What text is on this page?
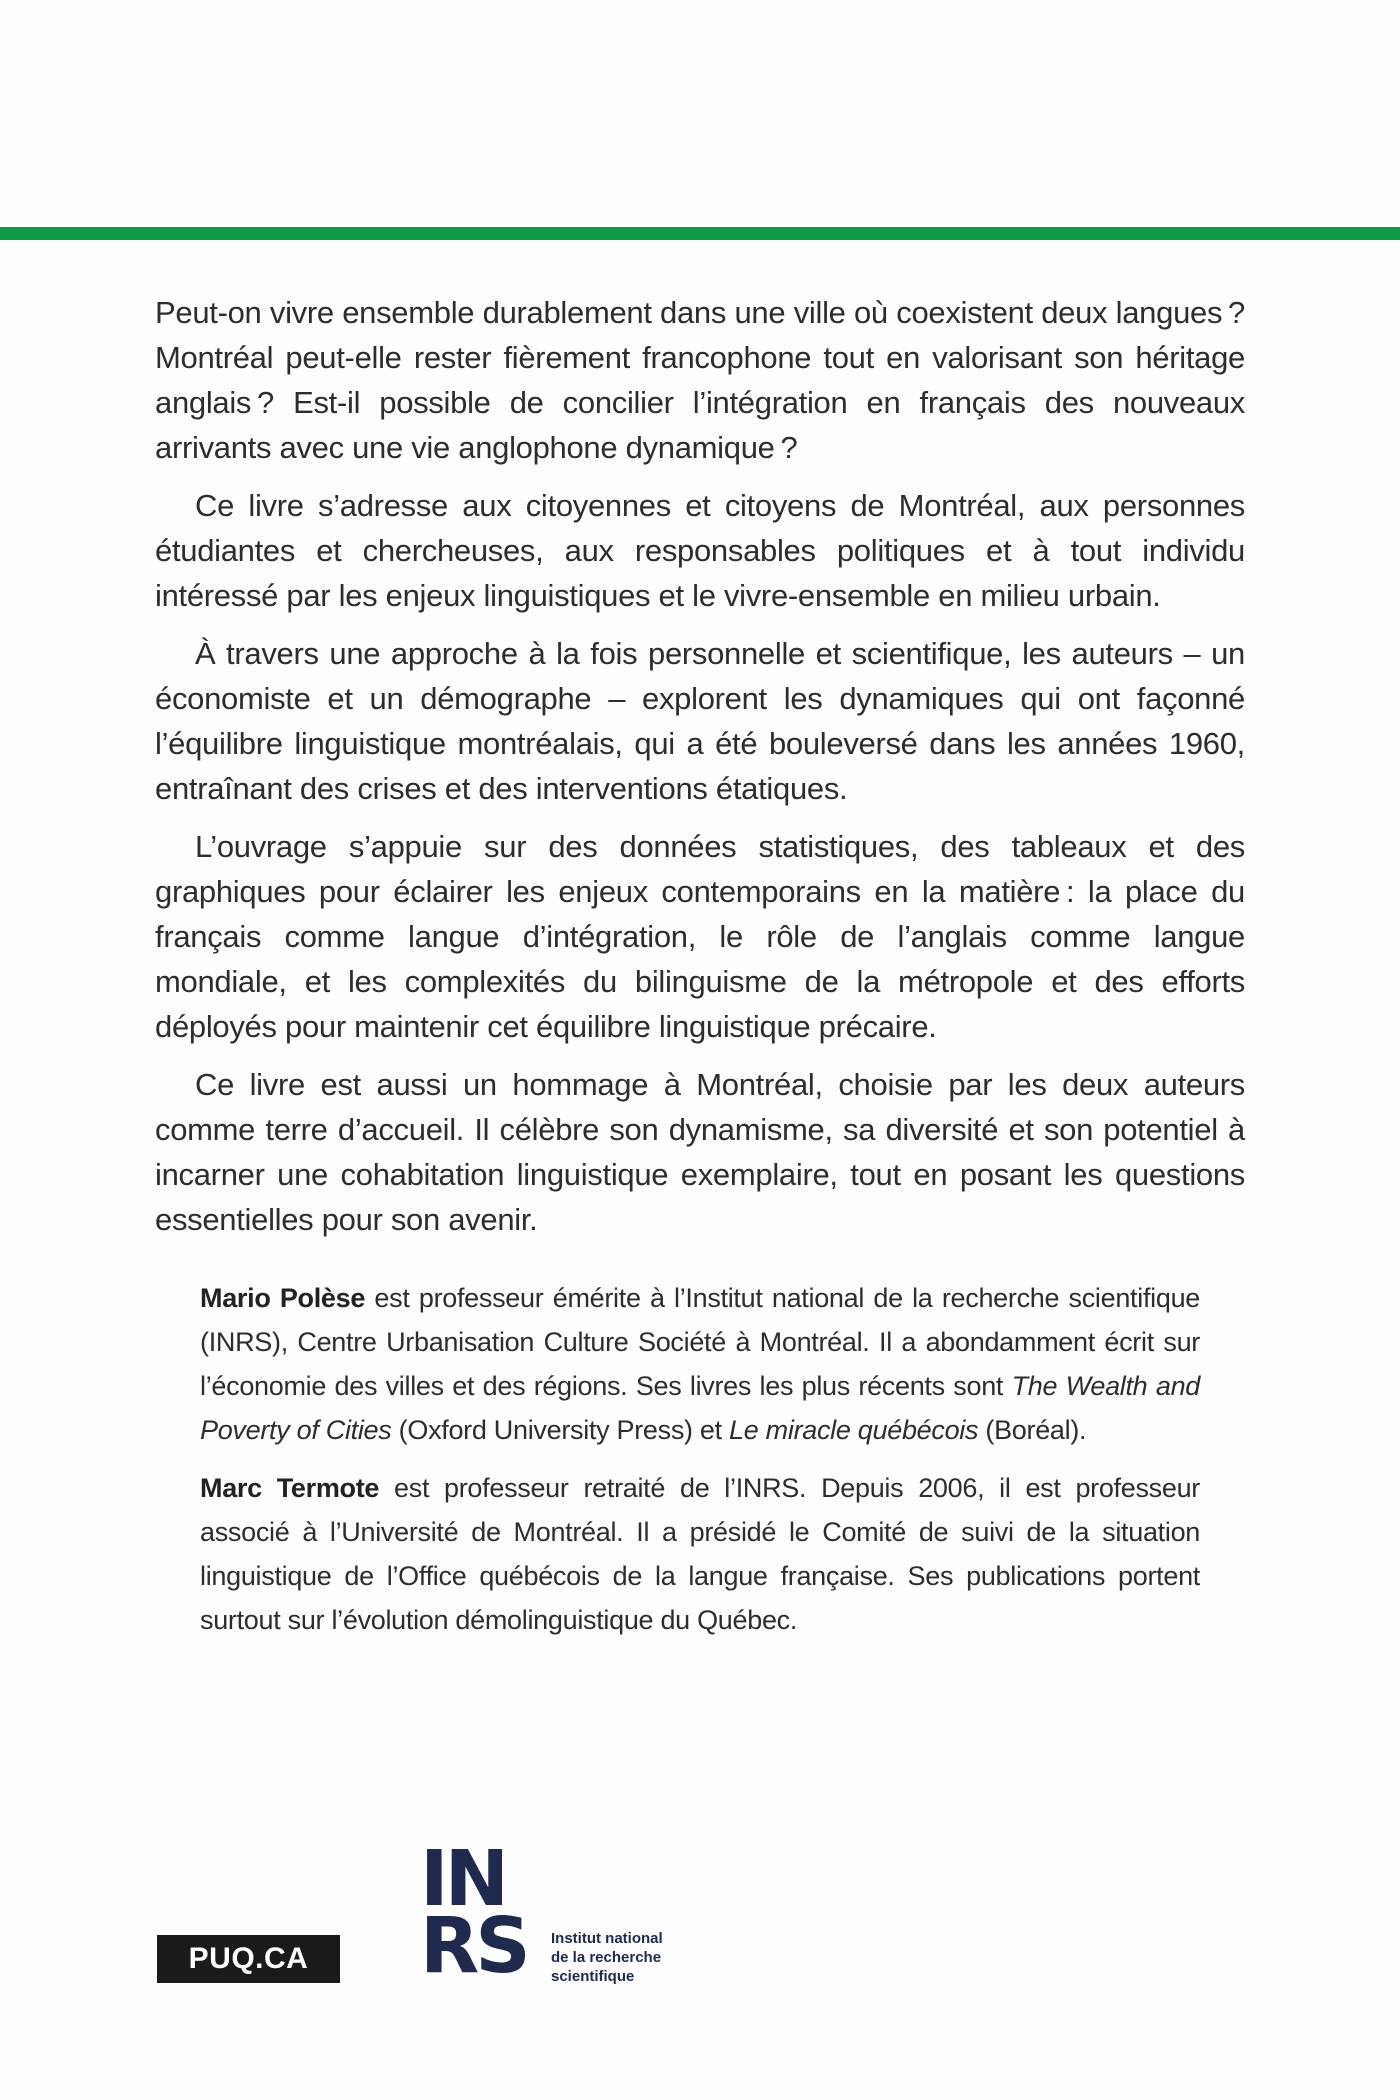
Peut-on vivre ensemble durablement dans une ville où coexistent deux langues ? Montréal peut-elle rester fièrement francophone tout en valorisant son héritage anglais ? Est-il possible de concilier l’intégration en français des nouveaux arrivants avec une vie anglophone dynamique ?

Ce livre s’adresse aux citoyennes et citoyens de Montréal, aux personnes étudiantes et chercheuses, aux responsables politiques et à tout individu intéressé par les enjeux linguistiques et le vivre-ensemble en milieu urbain.

À travers une approche à la fois personnelle et scientifique, les auteurs – un économiste et un démographe – explorent les dynamiques qui ont façonné l’équilibre linguistique montréalais, qui a été bouleversé dans les années 1960, entraînant des crises et des interventions étatiques.

L’ouvrage s’appuie sur des données statistiques, des tableaux et des graphiques pour éclairer les enjeux contemporains en la matière : la place du français comme langue d’intégration, le rôle de l’anglais comme langue mondiale, et les complexités du bilinguisme de la métropole et des efforts déployés pour maintenir cet équilibre linguistique précaire.

Ce livre est aussi un hommage à Montréal, choisie par les deux auteurs comme terre d’accueil. Il célèbre son dynamisme, sa diversité et son potentiel à incarner une cohabitation linguistique exemplaire, tout en posant les questions essentielles pour son avenir.

Mario Polèse est professeur émérite à l’Institut national de la recherche scientifique (INRS), Centre Urbanisation Culture Société à Montréal. Il a abondamment écrit sur l’économie des villes et des régions. Ses livres les plus récents sont The Wealth and Poverty of Cities (Oxford University Press) et Le miracle québécois (Boréal).

Marc Termote est professeur retraité de l’INRS. Depuis 2006, il est professeur associé à l’Université de Montréal. Il a présidé le Comité de suivi de la situation linguistique de l’Office québécois de la langue française. Ses publications portent surtout sur l’évolution démolinguistique du Québec.

PUQ.CA
IN
RS Institut national
de la recherche
scientifique
